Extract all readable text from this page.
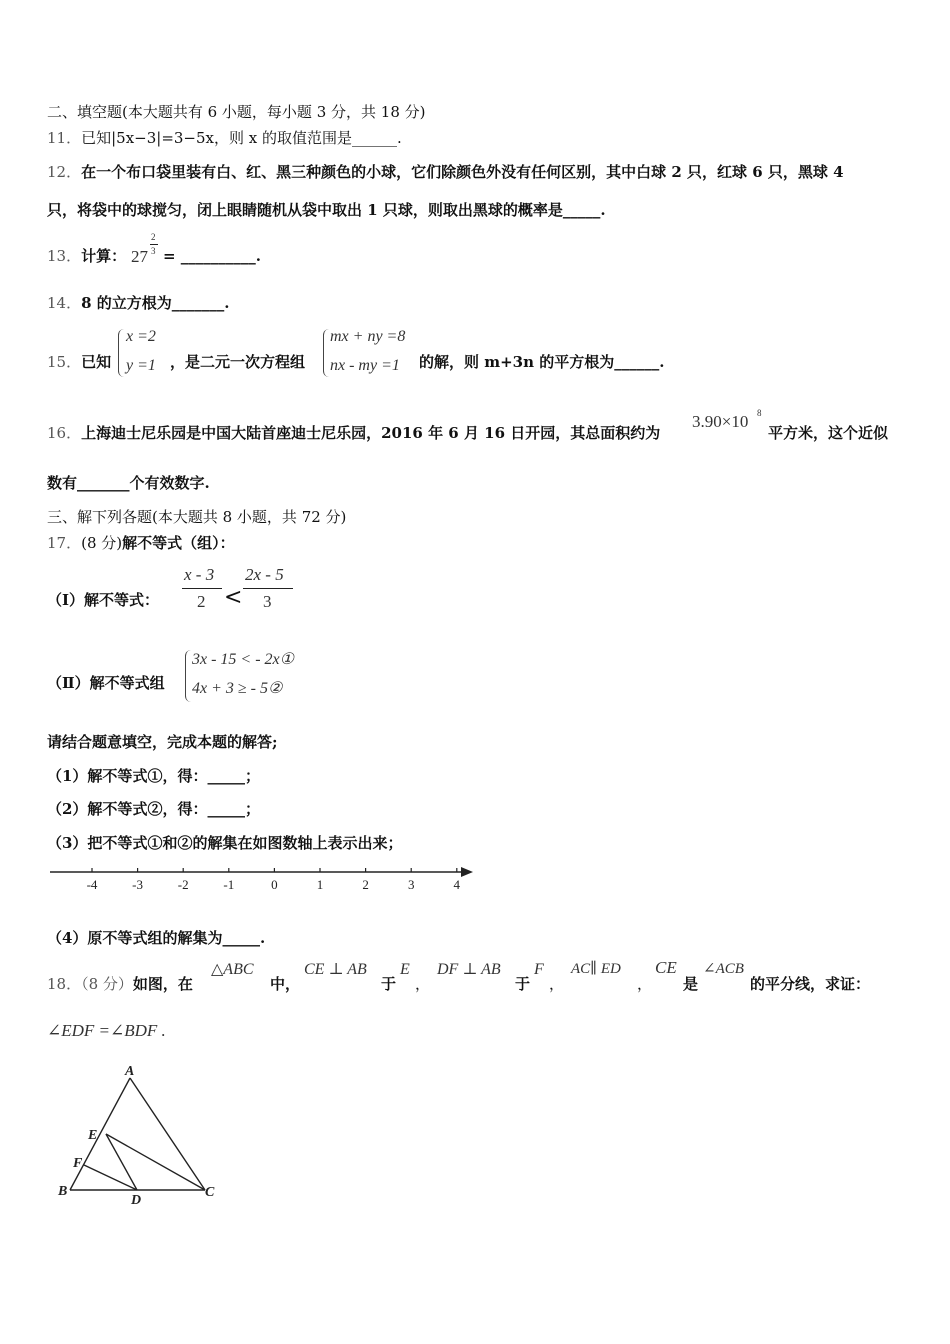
二、填空题(本大题共有 6 小题，每小题 3 分，共 18 分)
11．已知|5x−3|=3−5x，则 x 的取值范围是______.
12．在一个布口袋里装有白、红、黑三种颜色的小球，它们除颜色外没有任何区别，其中白球 2 只，红球 6 只，黑球 4
只，将袋中的球搅匀，闭上眼睛随机从袋中取出 1 只球，则取出黑球的概率是_____.
13．计算： 27
2
3 = __________.
14．8 的立方根为_______.
15．已知
x =2
y =1 ，是二元一次方程组
mx + ny =8
nx - my =1 的解，则 m+3n 的平方根为______.
16．上海迪士尼乐园是中国大陆首座迪士尼乐园，2016 年 6 月 16 日开园，其总面积约为
3.90×10 8
平方米，这个近似
数有_______个有效数字.
三、解下列各题(本大题共 8 小题，共 72 分)
17．(8 分)解不等式（组）：
（Ⅰ）解不等式：
x - 3
2 <
2x - 5
3
（Ⅱ）解不等式组
3x - 15 < - 2x①
4x + 3 ≥ - 5②
请结合题意填空，完成本题的解答;
（1）解不等式①，得：_____；
（2）解不等式②，得：_____；
（3）把不等式①和②的解集在如图数轴上表示出来；
-4	-3	-2	-1	0	1	2	3	4
（4）原不等式组的解集为_____.
18．（8 分）如图，在
△ABC
中，
CE ⊥ AB
于
E
，
DF ⊥ AB
于
F
，
AC∥ ED
，
CE
是
∠ACB
的平分线，求证：
∠EDF =∠BDF .
A
B	C
D
E
F
